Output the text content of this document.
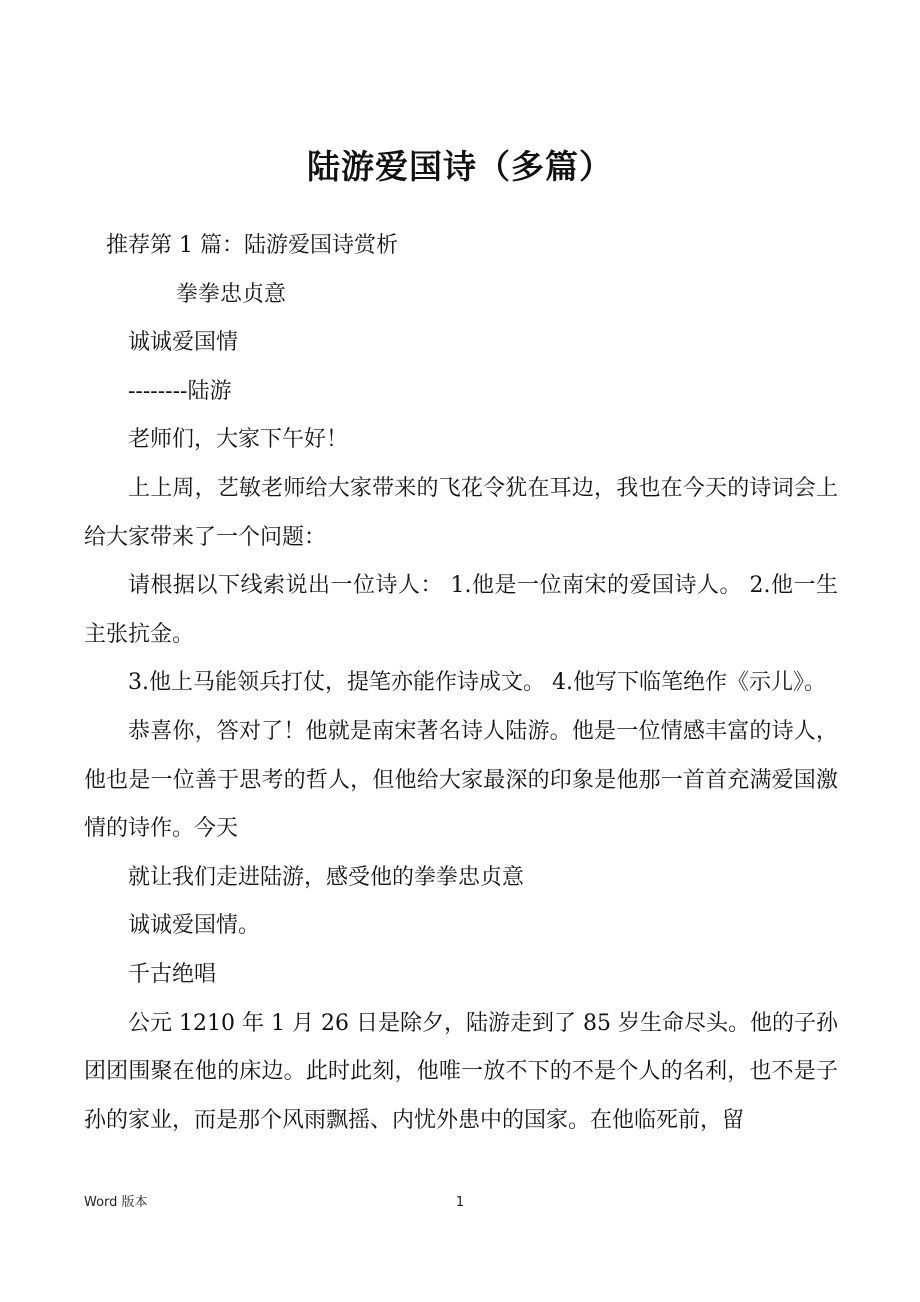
陆游爱国诗（多篇）

推荐第 1 篇：陆游爱国诗赏析

拳拳忠贞意

诚诚爱国情

--------陆游

老师们，大家下午好！

上上周，艺敏老师给大家带来的飞花令犹在耳边，我也在今天的诗词会上给大家带来了一个问题：

请根据以下线索说出一位诗人： 1.他是一位南宋的爱国诗人。 2.他一生主张抗金。

3.他上马能领兵打仗，提笔亦能作诗成文。 4.他写下临笔绝作《示儿》。

恭喜你，答对了！他就是南宋著名诗人陆游。他是一位情感丰富的诗人，他也是一位善于思考的哲人，但他给大家最深的印象是他那一首首充满爱国激情的诗作。今天

就让我们走进陆游，感受他的拳拳忠贞意

诚诚爱国情。

千古绝唱

公元 1210 年 1 月 26 日是除夕，陆游走到了 85 岁生命尽头。他的子孙团团围聚在他的床边。此时此刻，他唯一放不下的不是个人的名利，也不是子孙的家业，而是那个风雨飘摇、内忧外患中的国家。在他临死前，留

Word 版本	1
